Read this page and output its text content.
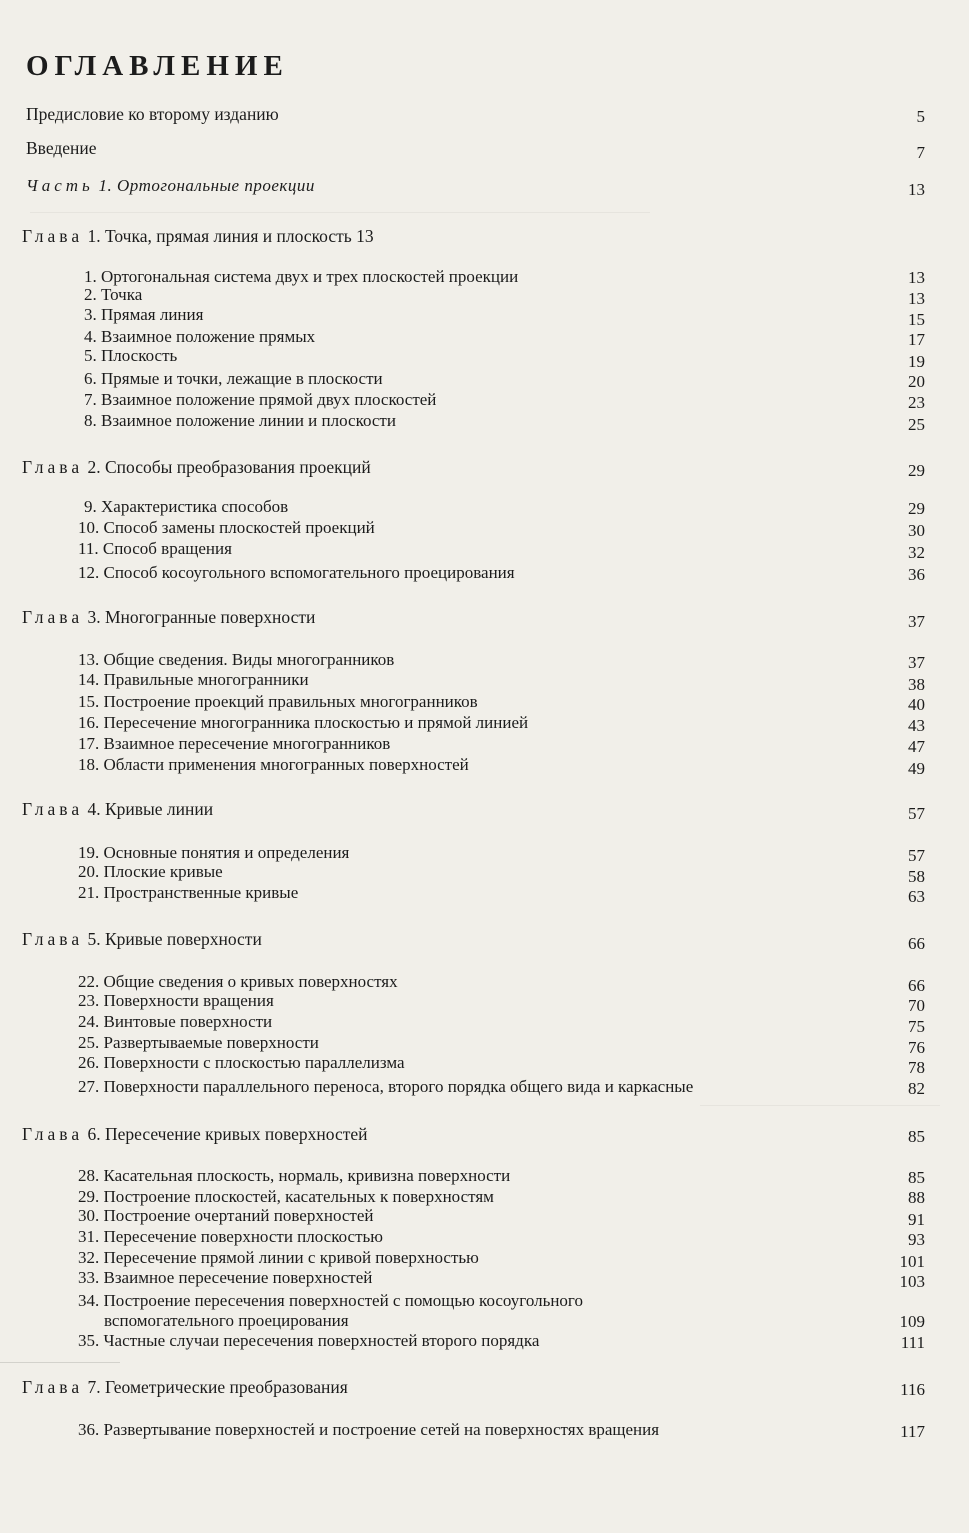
ОГЛАВЛЕНИЕ
Предисловие ко второму изданию	5
Введение	7
Часть 1. Ортогональные проекции	13
Глава 1. Точка, прямая линия и плоскость 13
1. Ортогональная система двух и трех плоскостей проекции	13
2. Точка	13
3. Прямая линия	15
4. Взаимное положение прямых	17
5. Плоскость	19
6. Прямые и точки, лежащие в плоскости	20
7. Взаимное положение прямой двух плоскостей	23
8. Взаимное положение линии и плоскости	25
Глава 2. Способы преобразования проекций	29
9. Характеристика способов	29
10. Способ замены плоскостей проекций	30
11. Способ вращения	32
12. Способ косоугольного вспомогательного проецирования	36
Глава 3. Многогранные поверхности	37
13. Общие сведения. Виды многогранников	37
14. Правильные многогранники	38
15. Построение проекций правильных многогранников	40
16. Пересечение многогранника плоскостью и прямой линией	43
17. Взаимное пересечение многогранников	47
18. Области применения многогранных поверхностей	49
Глава 4. Кривые линии	57
19. Основные понятия и определения	57
20. Плоские кривые	58
21. Пространственные кривые	63
Глава 5. Кривые поверхности	66
22. Общие сведения о кривых поверхностях	66
23. Поверхности вращения	70
24. Винтовые поверхности	75
25. Развертываемые поверхности	76
26. Поверхности с плоскостью параллелизма	78
27. Поверхности параллельного переноса, второго порядка общего вида и каркасные	82
Глава 6. Пересечение кривых поверхностей	85
28. Касательная плоскость, нормаль, кривизна поверхности	85
29. Построение плоскостей, касательных к поверхностям	88
30. Построение очертаний поверхностей	91
31. Пересечение поверхности плоскостью	93
32. Пересечение прямой линии с кривой поверхностью	101
33. Взаимное пересечение поверхностей	103
34. Построение пересечения поверхностей с помощью косоугольного
вспомогательного проецирования	109
35. Частные случаи пересечения поверхностей второго порядка	111
Глава 7. Геометрические преобразования	116
36. Развертывание поверхностей и построение сетей на поверхностях вращения	117
